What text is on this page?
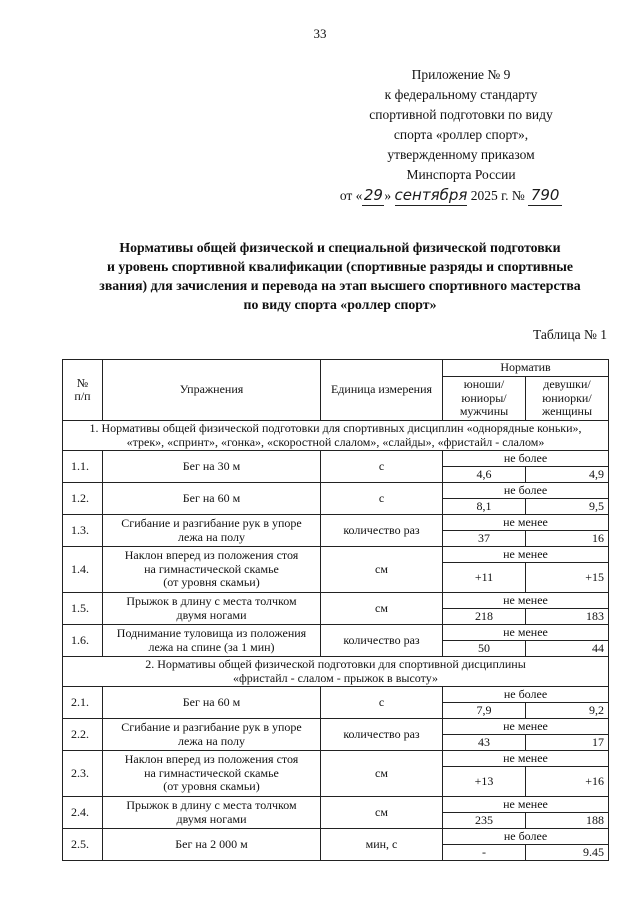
33
Приложение № 9
к федеральному стандарту
спортивной подготовки по виду
спорта «роллер спорт»,
утвержденному приказом
Минспорта России
от «29» сентября 2025 г. № 790
Нормативы общей физической и специальной физической подготовки
и уровень спортивной квалификации (спортивные разряды и спортивные
звания) для зачисления и перевода на этап высшего спортивного мастерства
по виду спорта «роллер спорт»
Таблица № 1
№
п/п	Упражнения	Единица измерения	Норматив	
			юноши/
юниоры/
мужчины	девушки/
юниорки/
женщины
1. Нормативы общей физической подготовки для спортивных дисциплин «однорядные коньки»,
«трек», «спринт», «гонка», «скоростной слалом», «слайды», «фристайл - слалом»				
1.1.	Бег на 30 м	с	не более	
			4,6	4,9
1.2.	Бег на 60 м	с	не более	
			8,1	9,5
1.3.	Сгибание и разгибание рук в упоре
лежа на полу	количество раз	не менее	
			37	16
1.4.	Наклон вперед из положения стоя
на гимнастической скамье
(от уровня скамьи)	см	не менее	
			+11	+15
1.5.	Прыжок в длину с места толчком
двумя ногами	см	не менее	
			218	183
1.6.	Поднимание туловища из положения
лежа на спине (за 1 мин)	количество раз	не менее	
			50	44
2. Нормативы общей физической подготовки для спортивной дисциплины
«фристайл - слалом - прыжок в высоту»				
2.1.	Бег на 60 м	с	не более	
			7,9	9,2
2.2.	Сгибание и разгибание рук в упоре
лежа на полу	количество раз	не менее	
			43	17
2.3.	Наклон вперед из положения стоя
на гимнастической скамье
(от уровня скамьи)	см	не менее	
			+13	+16
2.4.	Прыжок в длину с места толчком
двумя ногами	см	не менее	
			235	188
2.5.	Бег на 2 000 м	мин, с	не более	
			-	9.45
